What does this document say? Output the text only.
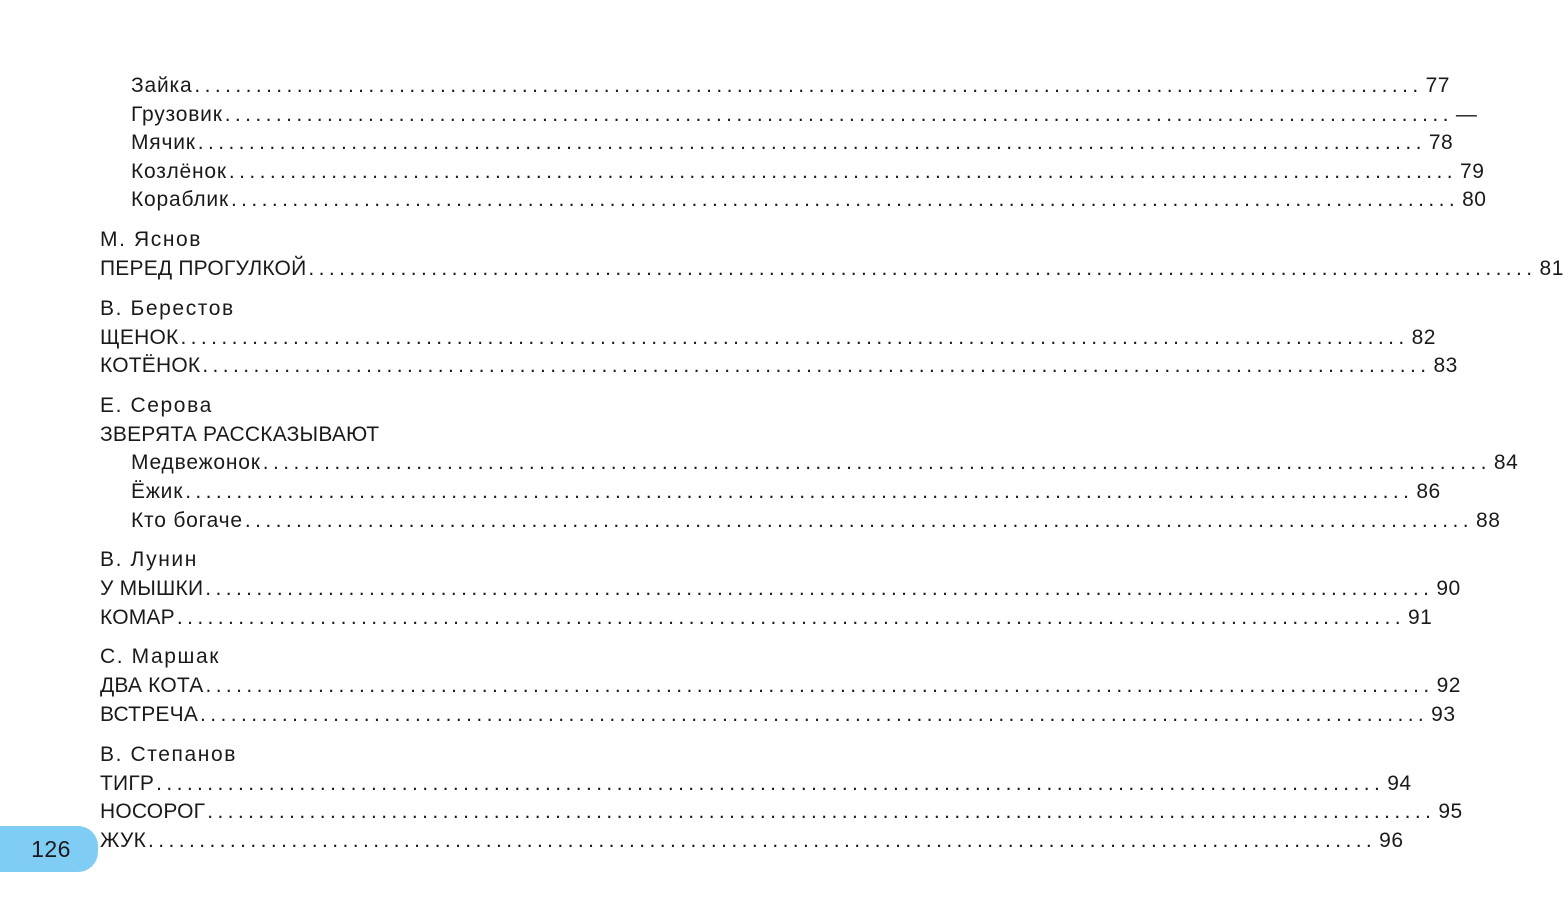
Зайка ........................................................................................................................ 77
Грузовик ........................................................................................................................ —
Мячик ........................................................................................................................ 78
Козлёнок ........................................................................................................................ 79
Кораблик ........................................................................................................................ 80
М. Яснов
ПЕРЕД ПРОГУЛКОЙ ........................................................................................................................ 81
В. Берестов
ЩЕНОК ........................................................................................................................ 82
КОТЁНОК ........................................................................................................................ 83
Е. Серова
ЗВЕРЯТА РАССКАЗЫВАЮТ
Медвежонок ........................................................................................................................ 84
Ёжик ........................................................................................................................ 86
Кто богаче ........................................................................................................................ 88
В. Лунин
У МЫШКИ ........................................................................................................................ 90
КОМАР ........................................................................................................................ 91
С. Маршак
ДВА КОТА ........................................................................................................................ 92
ВСТРЕЧА ........................................................................................................................ 93
В. Степанов
ТИГР ........................................................................................................................ 94
НОСОРОГ ........................................................................................................................ 95
ЖУК ........................................................................................................................ 96
126
